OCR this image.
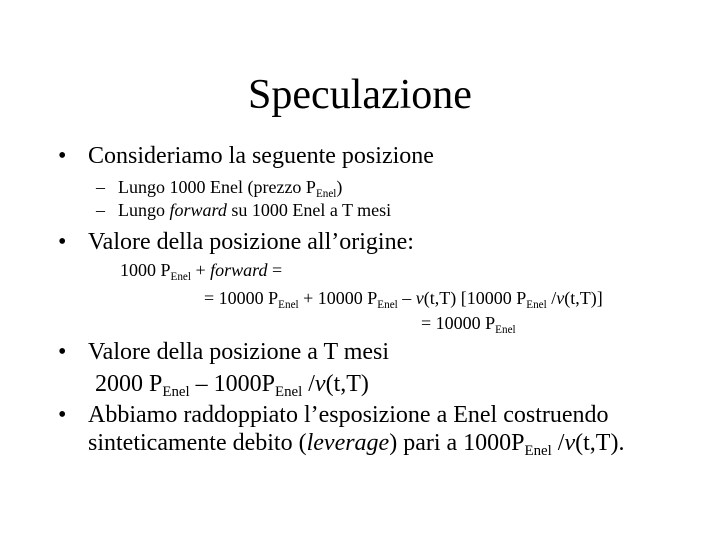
Speculazione
• Consideriamo la seguente posizione
– Lungo 1000 Enel (prezzo $P_{Enel}$)
– Lungo forward su 1000 Enel a T mesi
• Valore della posizione all’origine:
1000 $P_{Enel}$ + forward =
= 10000 $P_{Enel} + 10000$ $P_{Enel} - v(t,T)$ [10000 $P_{Enel}$ /v(t,T)]
= 10000 $P_{Enel}$
• Valore della posizione a T mesi
2000 $P_{Enel} - 1000P_{Enel}$ /v(t,T)
• Abbiamo raddoppiato l’esposizione a Enel costruendo
sinteticamente debito (leverage) pari a $1000P_{Enel}$ /v(t,T).
